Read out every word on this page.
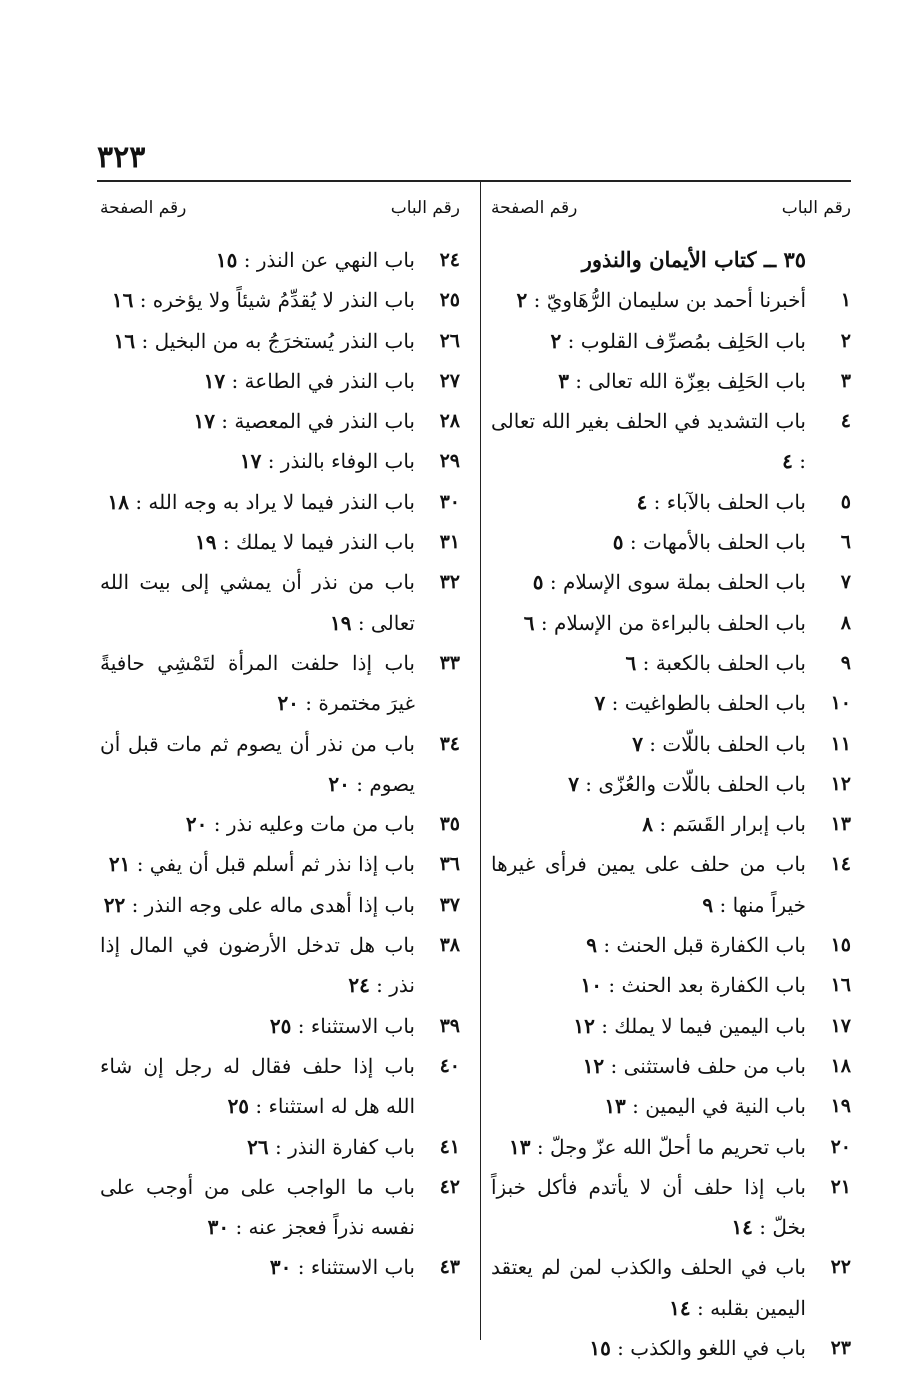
٣٢٣
رقم الباب
رقم الصفحة
٣٥ ــ كتاب الأيمان والنذور
١
أخبرنا أحمد بن سليمان الرُّهَاويّ : ٢
٢
باب الحَلِف بمُصرِّف القلوب : ٢
٣
باب الحَلِف بعِزّة الله تعالى : ٣
٤
باب التشديد في الحلف بغير الله تعالى : ٤
٥
باب الحلف بالآباء : ٤
٦
باب الحلف بالأمهات : ٥
٧
باب الحلف بملة سوى الإسلام : ٥
٨
باب الحلف بالبراءة من الإسلام : ٦
٩
باب الحلف بالكعبة : ٦
١٠
باب الحلف بالطواغيت : ٧
١١
باب الحلف باللّات : ٧
١٢
باب الحلف باللّات والعُزّى : ٧
١٣
باب إبرار القَسَم : ٨
١٤
باب من حلف على يمين فرأى غيرها خيراً منها : ٩
١٥
باب الكفارة قبل الحنث : ٩
١٦
باب الكفارة بعد الحنث : ١٠
١٧
باب اليمين فيما لا يملك : ١٢
١٨
باب من حلف فاستثنى : ١٢
١٩
باب النية في اليمين : ١٣
٢٠
باب تحريم ما أحلّ الله عزّ وجلّ : ١٣
٢١
باب إذا حلف أن لا يأتدم فأكل خبزاً بخلّ : ١٤
٢٢
باب في الحلف والكذب لمن لم يعتقد اليمين بقلبه : ١٤
٢٣
باب في اللغو والكذب : ١٥
رقم الباب
رقم الصفحة
٢٤
باب النهي عن النذر : ١٥
٢٥
باب النذر لا يُقدِّمُ شيئاً ولا يؤخره : ١٦
٢٦
باب النذر يُستخرَجُ به من البخيل : ١٦
٢٧
باب النذر في الطاعة : ١٧
٢٨
باب النذر في المعصية : ١٧
٢٩
باب الوفاء بالنذر : ١٧
٣٠
باب النذر فيما لا يراد به وجه الله : ١٨
٣١
باب النذر فيما لا يملك : ١٩
٣٢
باب من نذر أن يمشي إلى بيت الله تعالى : ١٩
٣٣
باب إذا حلفت المرأة لتَمْشِي حافيةً غيرَ مختمرة : ٢٠
٣٤
باب من نذر أن يصوم ثم مات قبل أن يصوم : ٢٠
٣٥
باب من مات وعليه نذر : ٢٠
٣٦
باب إذا نذر ثم أسلم قبل أن يفي : ٢١
٣٧
باب إذا أهدى ماله على وجه النذر : ٢٢
٣٨
باب هل تدخل الأرضون في المال إذا نذر : ٢٤
٣٩
باب الاستثناء : ٢٥
٤٠
باب إذا حلف فقال له رجل إن شاء الله هل له استثناء : ٢٥
٤١
باب كفارة النذر : ٢٦
٤٢
باب ما الواجب على من أوجب على نفسه نذراً فعجز عنه : ٣٠
٤٣
باب الاستثناء : ٣٠
